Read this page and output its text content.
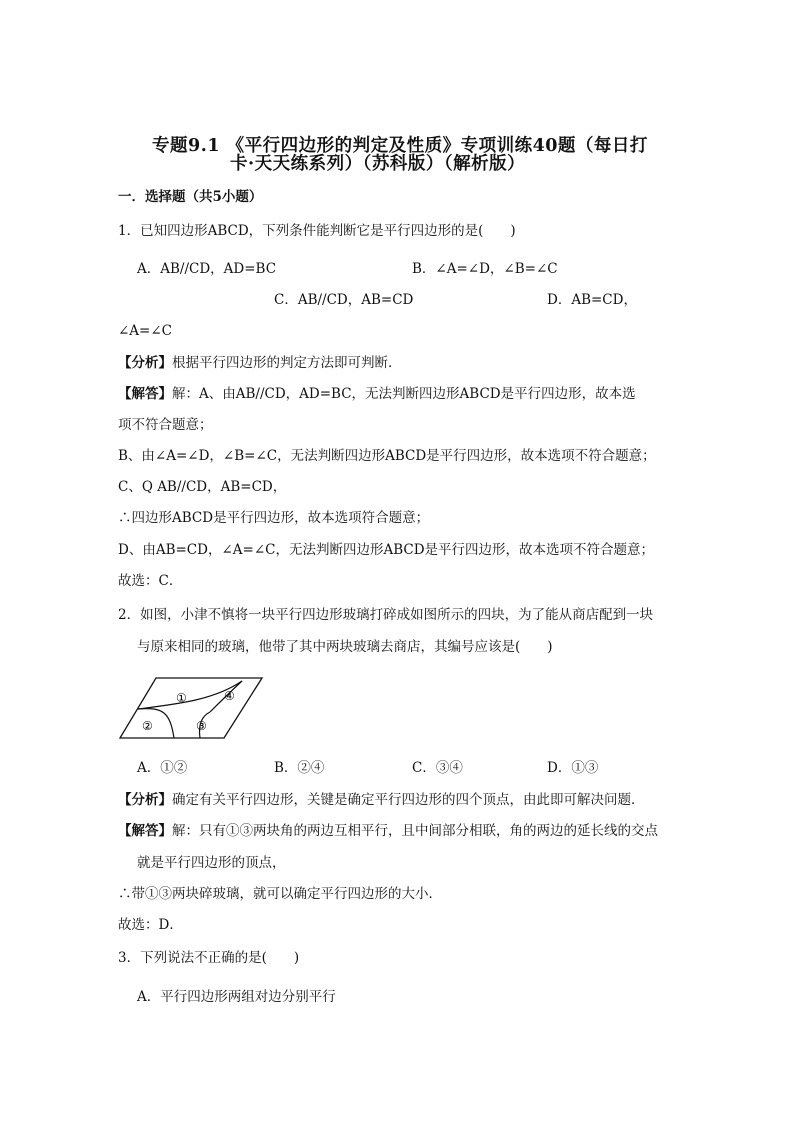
专题9.1 《平行四边形的判定及性质》专项训练40题（每日打
卡·天天练系列）（苏科版）（解析版）
一．选择题（共5小题）
1．已知四边形ABCD，下列条件能判断它是平行四边形的是(　　)
A．AB//CD，AD=BC	B．∠A=∠D，∠B=∠C
C．AB//CD，AB=CD	D．AB=CD，
∠A=∠C
【分析】根据平行四边形的判定方法即可判断．
【解答】解：A、由AB//CD，AD=BC，无法判断四边形ABCD是平行四边形，故本选
项不符合题意；
B、由∠A=∠D，∠B=∠C，无法判断四边形ABCD是平行四边形，故本选项不符合题意；
C、Q AB//CD，AB=CD，
∴四边形ABCD是平行四边形，故本选项符合题意；
D、由AB=CD，∠A=∠C，无法判断四边形ABCD是平行四边形，故本选项不符合题意；
故选：C．
2．如图，小津不慎将一块平行四边形玻璃打碎成如图所示的四块，为了能从商店配到一块
与原来相同的玻璃，他带了其中两块玻璃去商店，其编号应该是(　　)
①
②	③
④
A．①②	B．②④	C．③④	D．①③
【分析】确定有关平行四边形，关键是确定平行四边形的四个顶点，由此即可解决问题．
【解答】解：只有①③两块角的两边互相平行，且中间部分相联，角的两边的延长线的交点
就是平行四边形的顶点，
∴带①③两块碎玻璃，就可以确定平行四边形的大小．
故选：D．
3．下列说法不正确的是(　　)
A．平行四边形两组对边分别平行
